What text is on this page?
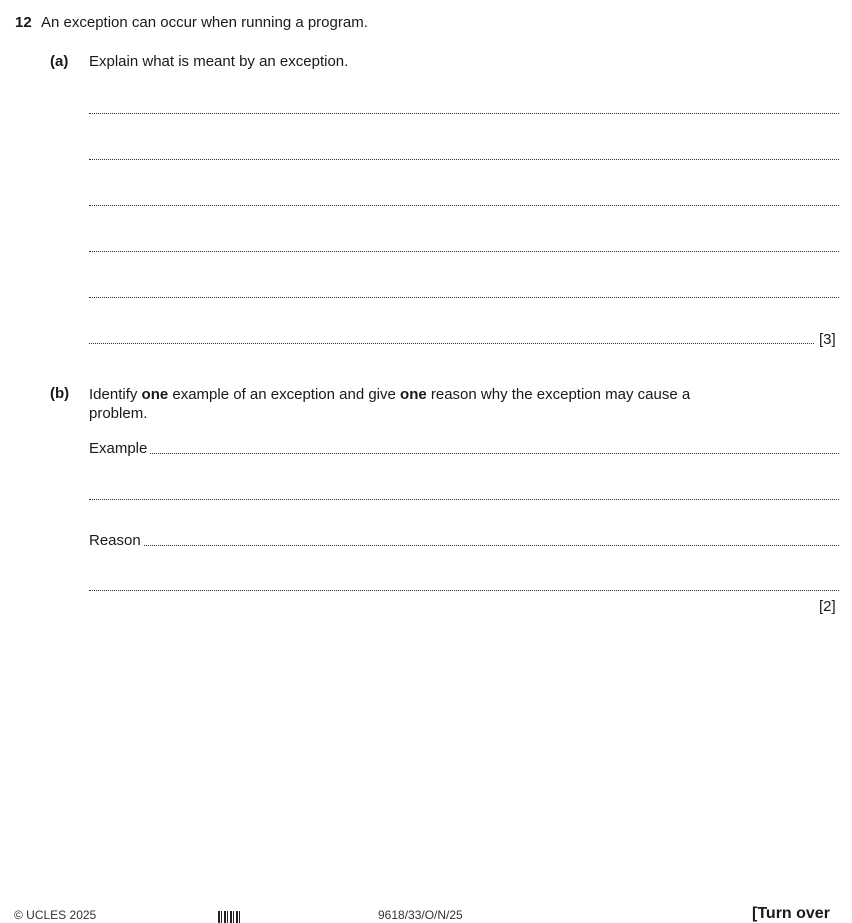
12 An exception can occur when running a program.
(a) Explain what is meant by an exception.
[3]
(b) Identify one example of an exception and give one reason why the exception may cause a
problem.
Example
Reason
[2]
© UCLES 2025	9618/33/O/N/25	[Turn over
